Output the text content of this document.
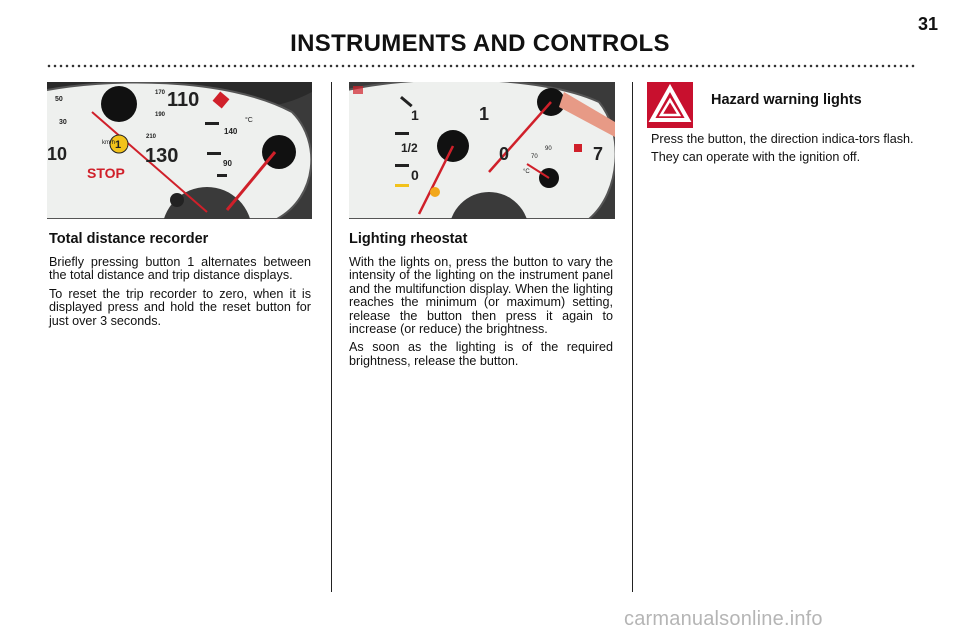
31
INSTRUMENTS AND CONTROLS
50
30
10
km/h
170
190
210
110
130
140
90
°C
STOP
1
1
1/2
0
1
0	70
90
°C
7
Total distance recorder

Briefly pressing button 1 alternates between the total distance and trip distance displays.

To reset the trip recorder to zero, when it is displayed press and hold the reset button for just over 3 seconds.

Lighting rheostat

With the lights on, press the button to vary the intensity of the lighting on the instrument panel and the multifunction display. When the lighting reaches the minimum (or maximum) setting, release the button then press it again to increase (or reduce) the brightness.

As soon as the lighting is of the required brightness, release the button.

Hazard warning lights

Press the button, the direction indica-tors flash.

They can operate with the ignition off.

carmanualsonline.info
